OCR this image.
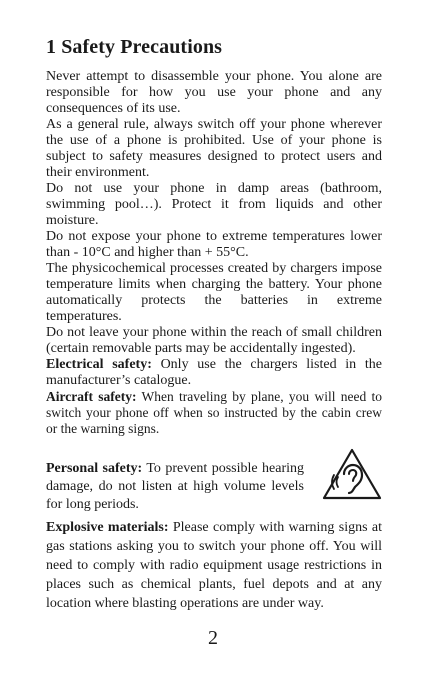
1 Safety Precautions

Never attempt to disassemble your phone. You alone are responsible for how you use your phone and any consequences of its use.

As a general rule, always switch off your phone wherever the use of a phone is prohibited. Use of your phone is subject to safety measures designed to protect users and their environment.

Do not use your phone in damp areas (bathroom, swimming pool…). Protect it from liquids and other moisture.

Do not expose your phone to extreme temperatures lower than - 10°C and higher than + 55°C.

The physicochemical processes created by chargers impose temperature limits when charging the battery. Your phone automatically protects the batteries in extreme temperatures.

Do not leave your phone within the reach of small children (certain removable parts may be accidentally ingested).

Electrical safety: Only use the chargers listed in the manufacturer’s catalogue.

Aircraft safety: When traveling by plane, you will need to switch your phone off when so instructed by the cabin crew or the warning signs.

Personal safety: To prevent possible hearing damage, do not listen at high volume levels for long periods.

Explosive materials: Please comply with warning signs at gas stations asking you to switch your phone off. You will need to comply with radio equipment usage restrictions in places such as chemical plants, fuel depots and at any location where blasting operations are under way.

2
